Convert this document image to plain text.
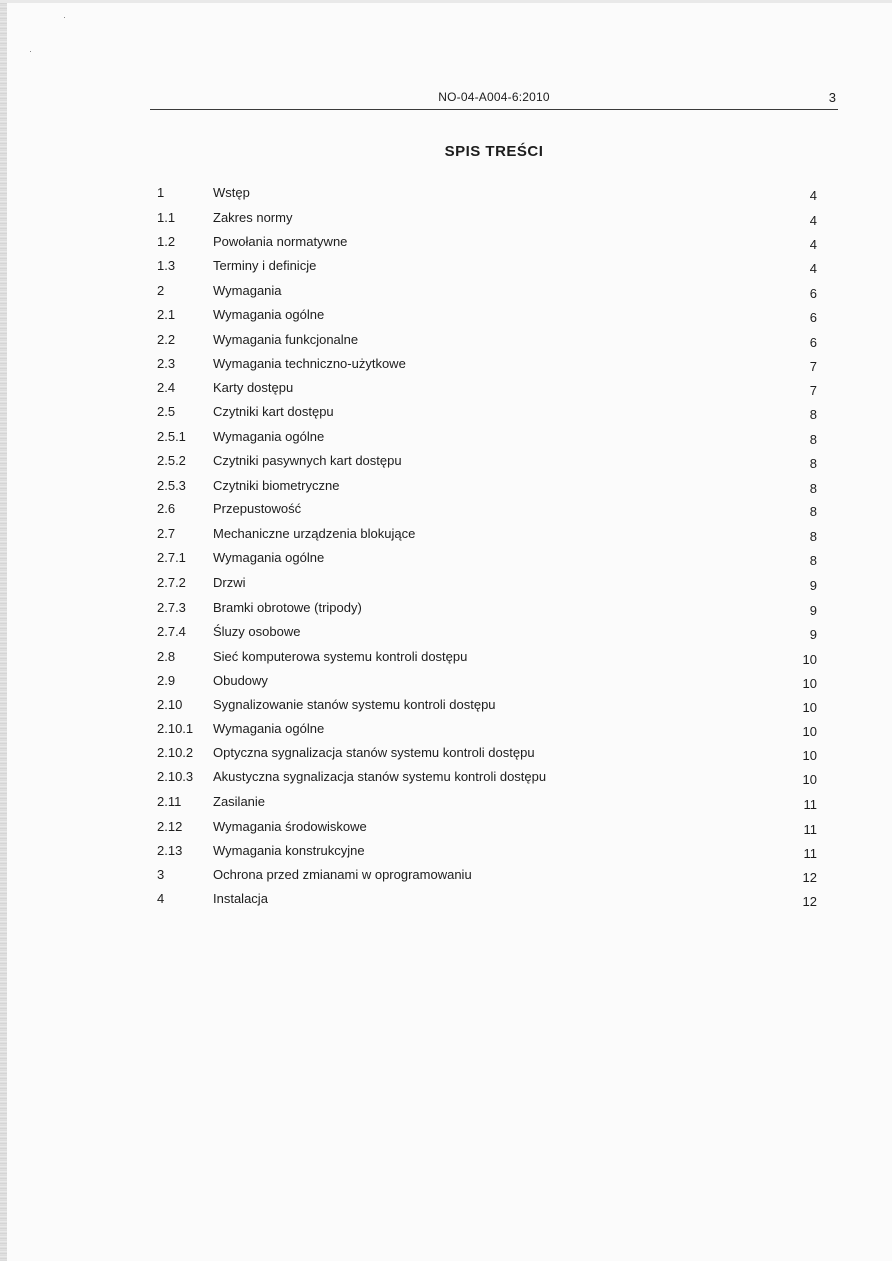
NO-04-A004-6:2010	3
SPIS TREŚCI
1	Wstęp	4
1.1	Zakres normy	4
1.2	Powołania normatywne	4
1.3	Terminy i definicje	4
2	Wymagania	6
2.1	Wymagania ogólne	6
2.2	Wymagania funkcjonalne	6
2.3	Wymagania techniczno-użytkowe	7
2.4	Karty dostępu	7
2.5	Czytniki kart dostępu	8
2.5.1 Wymagania ogólne	8
2.5.2 Czytniki pasywnych kart dostępu	8
2.5.3 Czytniki biometryczne	8
2.6	Przepustowość	8
2.7	Mechaniczne urządzenia blokujące	8
2.7.1 Wymagania ogólne	8
2.7.2 Drzwi	9
2.7.3 Bramki obrotowe (tripody)	9
2.7.4 Śluzy osobowe	9
2.8	Sieć komputerowa systemu kontroli dostępu	10
2.9	Obudowy	10
2.10 Sygnalizowanie stanów systemu kontroli dostępu	10
2.10.1 Wymagania ogólne	10
2.10.2 Optyczna sygnalizacja stanów systemu kontroli dostępu	10
2.10.3 Akustyczna sygnalizacja stanów systemu kontroli dostępu	10
2.11 Zasilanie	11
2.12 Wymagania środowiskowe	11
2.13 Wymagania konstrukcyjne	11
3	Ochrona przed zmianami w oprogramowaniu	12
4	Instalacja	12
